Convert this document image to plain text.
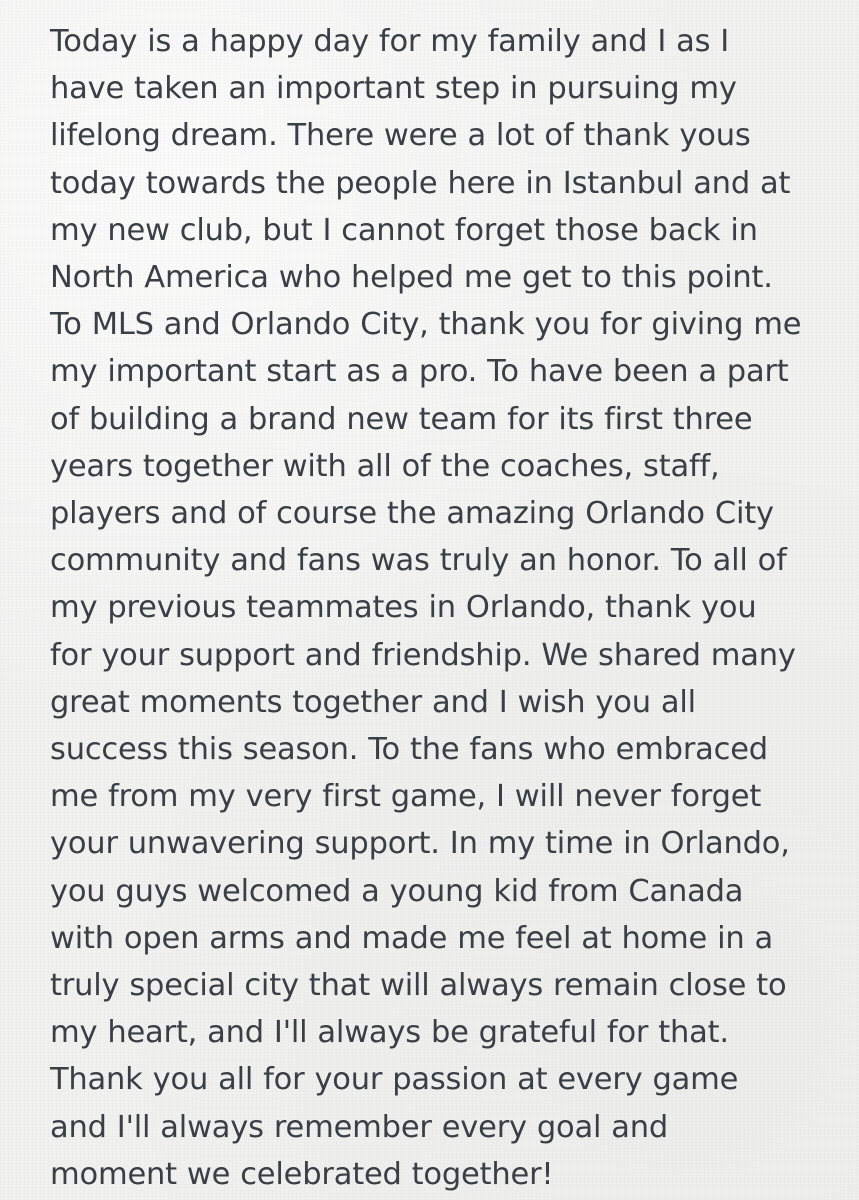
Today is a happy day for my family and I as I have taken an important step in pursuing my lifelong dream. There were a lot of thank yous today towards the people here in Istanbul and at my new club, but I cannot forget those back in North America who helped me get to this point. To MLS and Orlando City, thank you for giving me my important start as a pro. To have been a part of building a brand new team for its first three years together with all of the coaches, staff, players and of course the amazing Orlando City community and fans was truly an honor. To all of my previous teammates in Orlando, thank you for your support and friendship. We shared many great moments together and I wish you all success this season. To the fans who embraced me from my very first game, I will never forget your unwavering support. In my time in Orlando, you guys welcomed a young kid from Canada with open arms and made me feel at home in a truly special city that will always remain close to my heart, and I'll always be grateful for that. Thank you all for your passion at every game and I'll always remember every goal and moment we celebrated together!
